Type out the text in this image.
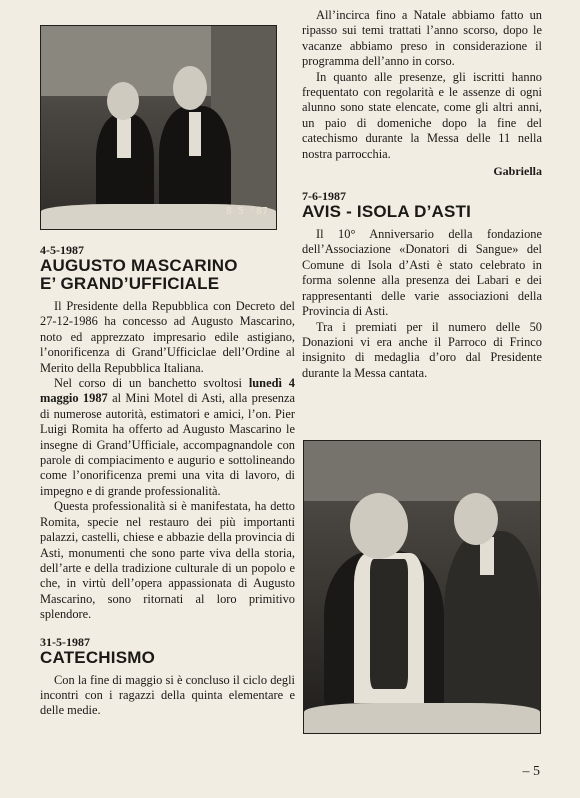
8 5 '87
4-5-1987
AUGUSTO MASCARINO
E’ GRAND’UFFICIALE

Il Presidente della Repubblica con Decreto del 27-12-1986 ha concesso ad Augusto Mascarino, noto ed apprezzato impresario edile astigiano, l’onorificenza di Grand’Ufficiclae dell’Ordine al Merito della Repubblica Italiana.

Nel corso di un banchetto svoltosi lunedì 4 maggio 1987 al Mini Motel di Asti, alla presenza di numerose autorità, estimatori e amici, l’on. Pier Luigi Romita ha offerto ad Augusto Mascarino le insegne di Grand’Ufficiale, accompagnandole con parole di compiacimento e augurio e sottolineando come l’onorificenza premi una vita di lavoro, di impegno e di grande professionalità.

Questa professionalità si è manifestata, ha detto Romita, specie nel restauro dei più importanti palazzi, castelli, chiese e abbazie della provincia di Asti, monumenti che sono parte viva della storia, dell’arte e della tradizione culturale di un popolo e che, in virtù dell’opera appassionata di Augusto Mascarino, sono ritornati al loro primitivo splendore.

31-5-1987
CATECHISMO

Con la fine di maggio si è concluso il ciclo degli incontri con i ragazzi della quinta elementare e delle medie.

All’incirca fino a Natale abbiamo fatto un ripasso sui temi trattati l’anno scorso, dopo le vacanze abbiamo preso in considerazione il programma dell’anno in corso.

In quanto alle presenze, gli iscritti hanno frequentato con regolarità e le assenze di ogni alunno sono state elencate, come gli altri anni, un paio di domeniche dopo la fine del catechismo durante la Messa delle 11 nella nostra parrocchia.

Gabriella
7-6-1987
AVIS - ISOLA D’ASTI

Il 10° Anniversario della fondazione dell’Associazione «Donatori di Sangue» del Comune di Isola d’Asti è stato celebrato in forma solenne alla presenza dei Labari e dei rappresentanti delle varie associazioni della Provincia di Asti.

Tra i premiati per il numero delle 50 Donazioni vi era anche il Parroco di Frinco insignito di medaglia d’oro dal Presidente durante la Messa cantata.

– 5
